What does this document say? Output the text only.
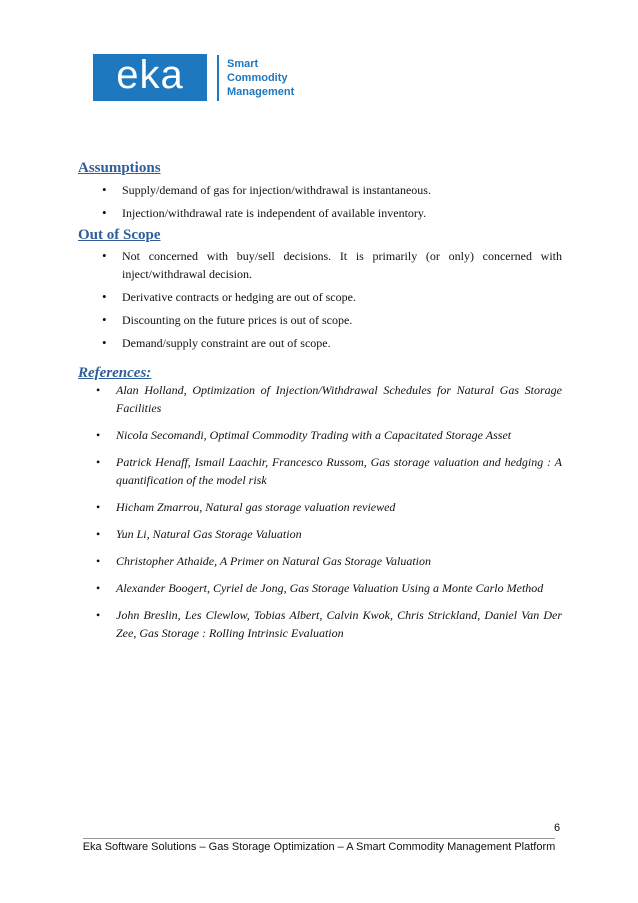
eka	Smart
Commodity
Management
Assumptions
• Supply/demand of gas for injection/withdrawal is instantaneous.
• Injection/withdrawal rate is independent of available inventory.
Out of Scope
• Not concerned with buy/sell decisions. It is primarily (or only) concerned with inject/withdrawal decision.
• Derivative contracts or hedging are out of scope.
• Discounting on the future prices is out of scope.
• Demand/supply constraint are out of scope.
References:
• Alan Holland, Optimization of Injection/Withdrawal Schedules for Natural Gas Storage Facilities
• Nicola Secomandi, Optimal Commodity Trading with a Capacitated Storage Asset
• Patrick Henaff, Ismail Laachir, Francesco Russom, Gas storage valuation and hedging : A quantification of the model risk
• Hicham Zmarrou, Natural gas storage valuation reviewed
• Yun Li, Natural Gas Storage Valuation
• Christopher Athaide, A Primer on Natural Gas Storage Valuation
• Alexander Boogert, Cyriel de Jong, Gas Storage Valuation Using a Monte Carlo Method
• John Breslin, Les Clewlow, Tobias Albert, Calvin Kwok, Chris Strickland, Daniel Van Der Zee, Gas Storage : Rolling Intrinsic Evaluation
6
Eka Software Solutions – Gas Storage Optimization – A Smart Commodity Management Platform
